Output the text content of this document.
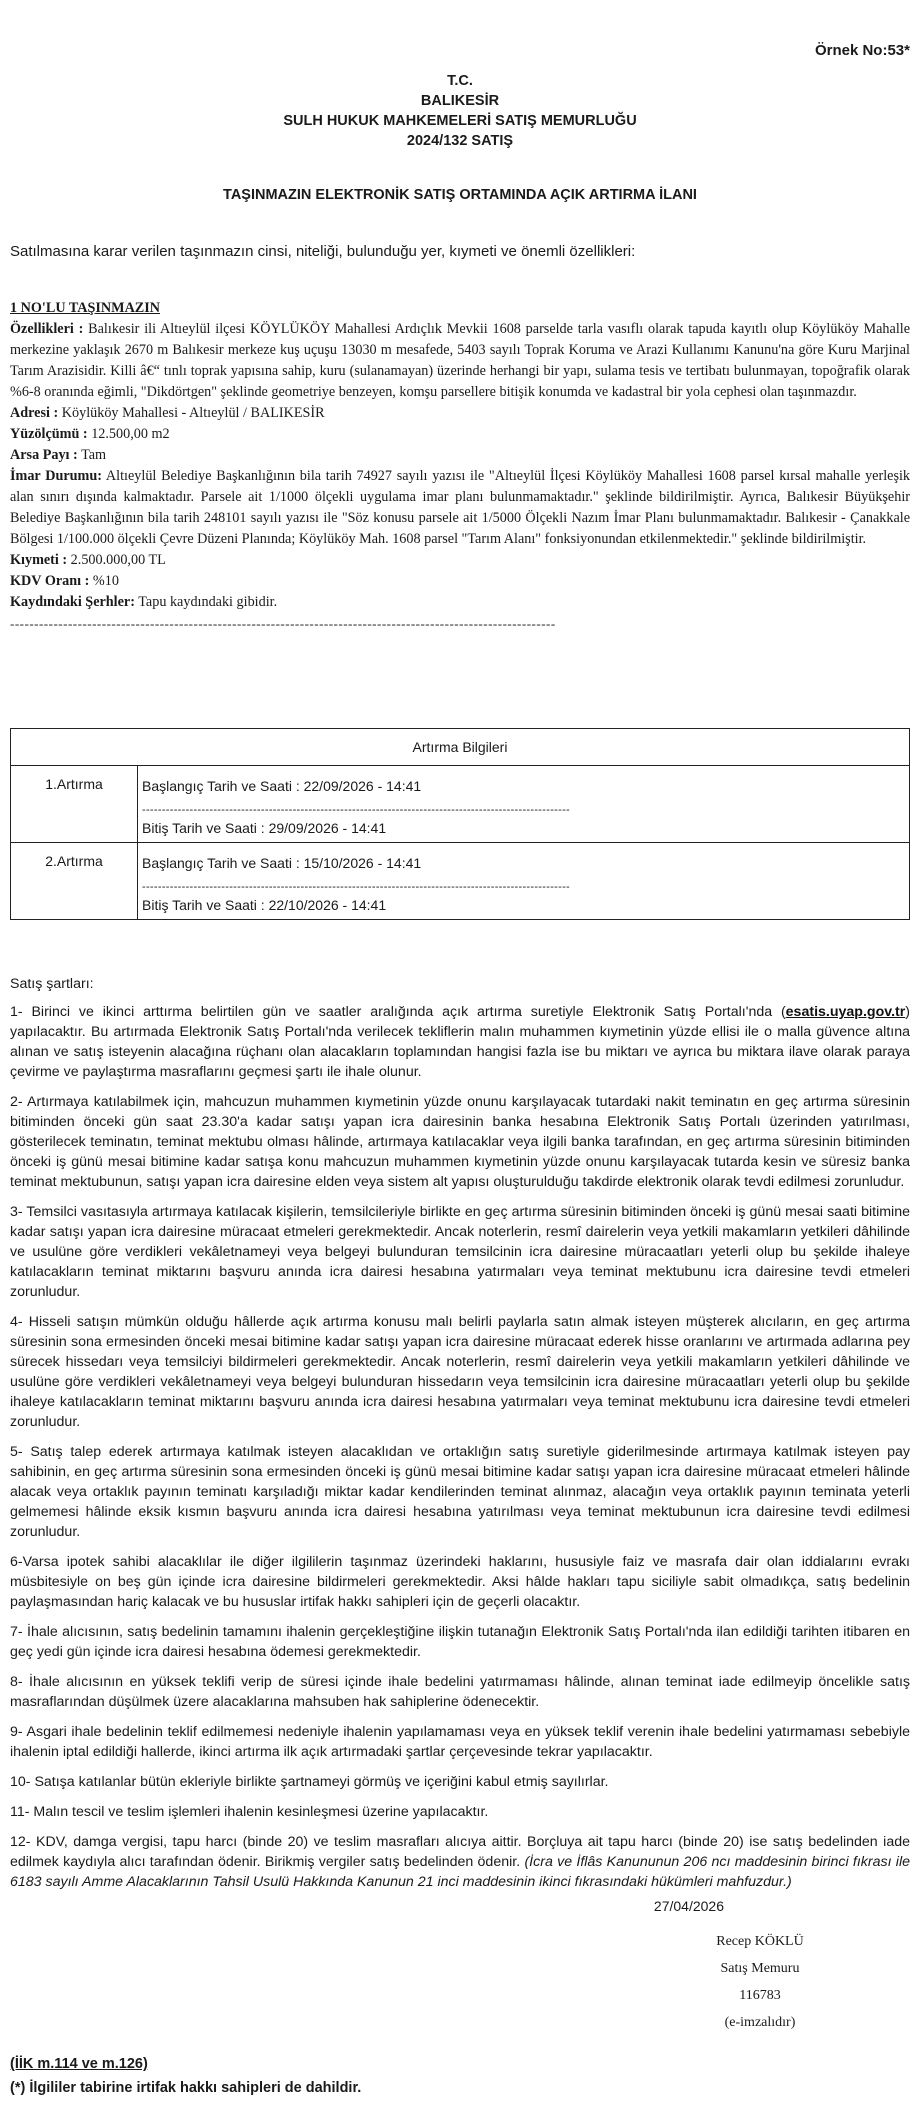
Örnek No:53*
T.C.
BALIKESİR
SULH HUKUK MAHKEMELERİ SATIŞ MEMURLUĞU
2024/132 SATIŞ
TAŞINMAZIN ELEKTRONİK SATIŞ ORTAMINDA AÇIK ARTIRMA İLANI
Satılmasına karar verilen taşınmazın cinsi, niteliği, bulunduğu yer, kıymeti ve önemli özellikleri:
1 NO'LU TAŞINMAZIN
Özellikleri : Balıkesir ili Altıeylül ilçesi KÖYLÜKÖY Mahallesi Ardıçlık Mevkii 1608 parselde tarla vasıflı olarak tapuda kayıtlı olup Köylüköy Mahalle merkezine yaklaşık 2670 m Balıkesir merkeze kuş uçuşu 13030 m mesafede, 5403 sayılı Toprak Koruma ve Arazi Kullanımı Kanunu'na göre Kuru Marjinal Tarım Arazisidir. Killi â€“ tınlı toprak yapısına sahip, kuru (sulanamayan) üzerinde herhangi bir yapı, sulama tesis ve tertibatı bulunmayan, topoğrafik olarak %6-8 oranında eğimli, "Dikdörtgen" şeklinde geometriye benzeyen, komşu parsellere bitişik konumda ve kadastral bir yola cephesi olan taşınmazdır.
Adresi : Köylüköy Mahallesi - Altıeylül / BALIKESİR
Yüzölçümü : 12.500,00 m2
Arsa Payı : Tam
İmar Durumu: Altıeylül Belediye Başkanlığının bila tarih 74927 sayılı yazısı ile "Altıeylül İlçesi Köylüköy Mahallesi 1608 parsel kırsal mahalle yerleşik alan sınırı dışında kalmaktadır. Parsele ait 1/1000 ölçekli uygulama imar planı bulunmamaktadır." şeklinde bildirilmiştir. Ayrıca, Balıkesir Büyükşehir Belediye Başkanlığının bila tarih 248101 sayılı yazısı ile "Söz konusu parsele ait 1/5000 Ölçekli Nazım İmar Planı bulunmamaktadır. Balıkesir - Çanakkale Bölgesi 1/100.000 ölçekli Çevre Düzeni Planında; Köylüköy Mah. 1608 parsel "Tarım Alanı" fonksiyonundan etkilenmektedir." şeklinde bildirilmiştir.
Kıymeti : 2.500.000,00 TL
KDV Oranı : %10
Kaydındaki Şerhler: Tapu kaydındaki gibidir.
-----------------------------------------------------------------------------------------------------------------
Artırma Bilgileri	
1.Artırma	Başlangıç Tarih ve Saati : 22/09/2026 - 14:41
------------------------------------------------------------------------------------------------------------
Bitiş Tarih ve Saati : 29/09/2026 - 14:41

2.Artırma	Başlangıç Tarih ve Saati : 15/10/2026 - 14:41
------------------------------------------------------------------------------------------------------------
Bitiş Tarih ve Saati : 22/10/2026 - 14:41

Satış şartları:

1- Birinci ve ikinci arttırma belirtilen gün ve saatler aralığında açık artırma suretiyle Elektronik Satış Portalı'nda (esatis.uyap.gov.tr) yapılacaktır. Bu artırmada Elektronik Satış Portalı'nda verilecek tekliflerin malın muhammen kıymetinin yüzde ellisi ile o malla güvence altına alınan ve satış isteyenin alacağına rüçhanı olan alacakların toplamından hangisi fazla ise bu miktarı ve ayrıca bu miktara ilave olarak paraya çevirme ve paylaştırma masraflarını geçmesi şartı ile ihale olunur.

2- Artırmaya katılabilmek için, mahcuzun muhammen kıymetinin yüzde onunu karşılayacak tutardaki nakit teminatın en geç artırma süresinin bitiminden önceki gün saat 23.30'a kadar satışı yapan icra dairesinin banka hesabına Elektronik Satış Portalı üzerinden yatırılması, gösterilecek teminatın, teminat mektubu olması hâlinde, artırmaya katılacaklar veya ilgili banka tarafından, en geç artırma süresinin bitiminden önceki iş günü mesai bitimine kadar satışa konu mahcuzun muhammen kıymetinin yüzde onunu karşılayacak tutarda kesin ve süresiz banka teminat mektubunun, satışı yapan icra dairesine elden veya sistem alt yapısı oluşturulduğu takdirde elektronik olarak tevdi edilmesi zorunludur.

3- Temsilci vasıtasıyla artırmaya katılacak kişilerin, temsilcileriyle birlikte en geç artırma süresinin bitiminden önceki iş günü mesai saati bitimine kadar satışı yapan icra dairesine müracaat etmeleri gerekmektedir. Ancak noterlerin, resmî dairelerin veya yetkili makamların yetkileri dâhilinde ve usulüne göre verdikleri vekâletnameyi veya belgeyi bulunduran temsilcinin icra dairesine müracaatları yeterli olup bu şekilde ihaleye katılacakların teminat miktarını başvuru anında icra dairesi hesabına yatırmaları veya teminat mektubunu icra dairesine tevdi etmeleri zorunludur.

4- Hisseli satışın mümkün olduğu hâllerde açık artırma konusu malı belirli paylarla satın almak isteyen müşterek alıcıların, en geç artırma süresinin sona ermesinden önceki mesai bitimine kadar satışı yapan icra dairesine müracaat ederek hisse oranlarını ve artırmada adlarına pey sürecek hissedarı veya temsilciyi bildirmeleri gerekmektedir. Ancak noterlerin, resmî dairelerin veya yetkili makamların yetkileri dâhilinde ve usulüne göre verdikleri vekâletnameyi veya belgeyi bulunduran hissedarın veya temsilcinin icra dairesine müracaatları yeterli olup bu şekilde ihaleye katılacakların teminat miktarını başvuru anında icra dairesi hesabına yatırmaları veya teminat mektubunu icra dairesine tevdi etmeleri zorunludur.

5- Satış talep ederek artırmaya katılmak isteyen alacaklıdan ve ortaklığın satış suretiyle giderilmesinde artırmaya katılmak isteyen pay sahibinin, en geç artırma süresinin sona ermesinden önceki iş günü mesai bitimine kadar satışı yapan icra dairesine müracaat etmeleri hâlinde alacak veya ortaklık payının teminatı karşıladığı miktar kadar kendilerinden teminat alınmaz, alacağın veya ortaklık payının teminata yeterli gelmemesi hâlinde eksik kısmın başvuru anında icra dairesi hesabına yatırılması veya teminat mektubunun icra dairesine tevdi edilmesi zorunludur.

6-Varsa ipotek sahibi alacaklılar ile diğer ilgililerin taşınmaz üzerindeki haklarını, hususiyle faiz ve masrafa dair olan iddialarını evrakı müsbitesiyle on beş gün içinde icra dairesine bildirmeleri gerekmektedir. Aksi hâlde hakları tapu siciliyle sabit olmadıkça, satış bedelinin paylaşmasından hariç kalacak ve bu hususlar irtifak hakkı sahipleri için de geçerli olacaktır.

7- İhale alıcısının, satış bedelinin tamamını ihalenin gerçekleştiğine ilişkin tutanağın Elektronik Satış Portalı'nda ilan edildiği tarihten itibaren en geç yedi gün içinde icra dairesi hesabına ödemesi gerekmektedir.

8- İhale alıcısının en yüksek teklifi verip de süresi içinde ihale bedelini yatırmaması hâlinde, alınan teminat iade edilmeyip öncelikle satış masraflarından düşülmek üzere alacaklarına mahsuben hak sahiplerine ödenecektir.

9- Asgari ihale bedelinin teklif edilmemesi nedeniyle ihalenin yapılamaması veya en yüksek teklif verenin ihale bedelini yatırmaması sebebiyle ihalenin iptal edildiği hallerde, ikinci artırma ilk açık artırmadaki şartlar çerçevesinde tekrar yapılacaktır.

10- Satışa katılanlar bütün ekleriyle birlikte şartnameyi görmüş ve içeriğini kabul etmiş sayılırlar.

11- Malın tescil ve teslim işlemleri ihalenin kesinleşmesi üzerine yapılacaktır.

12- KDV, damga vergisi, tapu harcı (binde 20) ve teslim masrafları alıcıya aittir. Borçluya ait tapu harcı (binde 20) ise satış bedelinden iade edilmek kaydıyla alıcı tarafından ödenir. Birikmiş vergiler satış bedelinden ödenir. (İcra ve İflâs Kanununun 206 ncı maddesinin birinci fıkrası ile 6183 sayılı Amme Alacaklarının Tahsil Usulü Hakkında Kanunun 21 inci maddesinin ikinci fıkrasındaki hükümleri mahfuzdur.)

27/04/2026
Recep KÖKLÜ
Satış Memuru
116783
(e-imzalıdır)
(İİK m.114 ve m.126)
(*) İlgililer tabirine irtifak hakkı sahipleri de dahildir.
